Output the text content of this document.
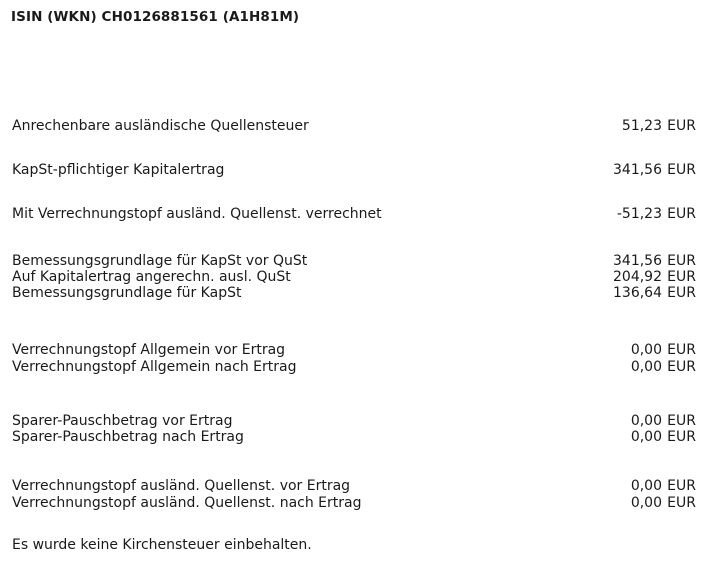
ISIN (WKN) CH0126881561 (A1H81M)
Anrechenbare ausländische Quellensteuer	51,23 EUR
KapSt-pflichtiger Kapitalertrag	341,56 EUR
Mit Verrechnungstopf ausländ. Quellenst. verrechnet	-51,23 EUR
Bemessungsgrundlage für KapSt vor QuSt	341,56 EUR
Auf Kapitalertrag angerechn. ausl. QuSt	204,92 EUR
Bemessungsgrundlage für KapSt	136,64 EUR
Verrechnungstopf Allgemein vor Ertrag	0,00 EUR
Verrechnungstopf Allgemein nach Ertrag	0,00 EUR
Sparer-Pauschbetrag vor Ertrag	0,00 EUR
Sparer-Pauschbetrag nach Ertrag	0,00 EUR
Verrechnungstopf ausländ. Quellenst. vor Ertrag	0,00 EUR
Verrechnungstopf ausländ. Quellenst. nach Ertrag	0,00 EUR
Es wurde keine Kirchensteuer einbehalten.
